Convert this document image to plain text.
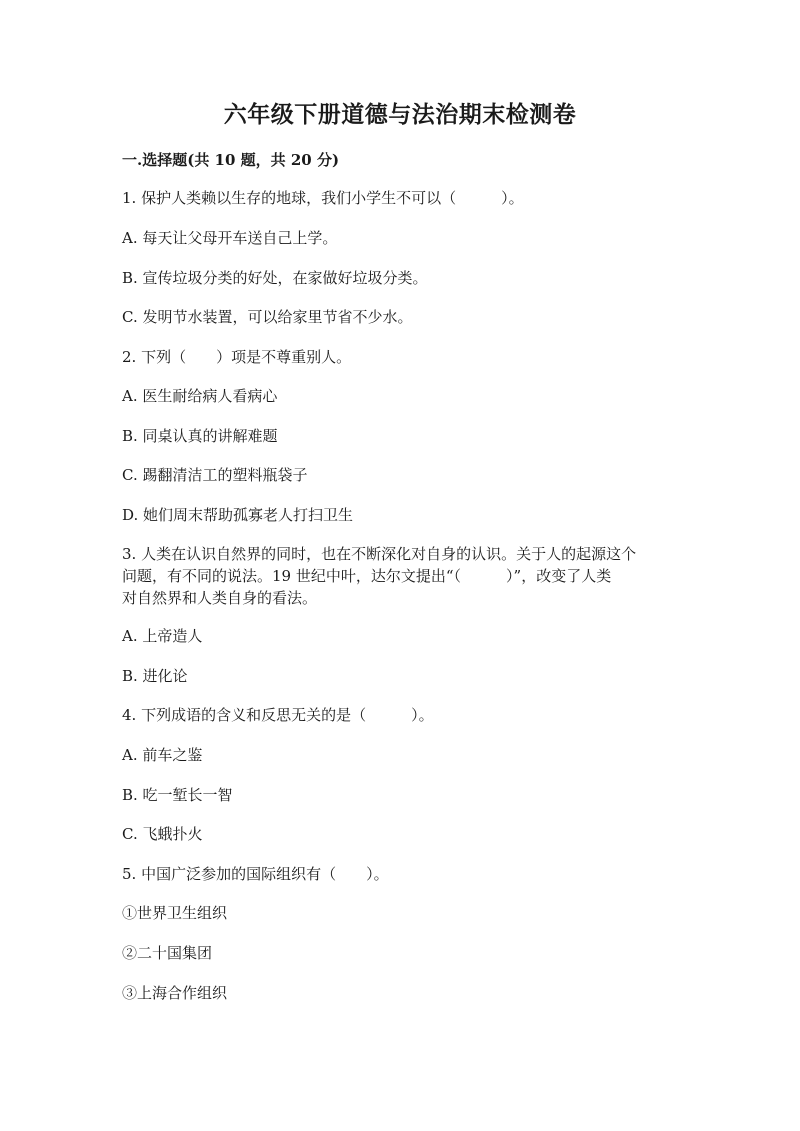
六年级下册道德与法治期末检测卷
一.选择题(共 10 题，共 20 分)

1. 保护人类赖以生存的地球，我们小学生不可以（　　　）。

A. 每天让父母开车送自己上学。

B. 宣传垃圾分类的好处，在家做好垃圾分类。

C. 发明节水装置，可以给家里节省不少水。

2. 下列（　　）项是不尊重别人。

A. 医生耐给病人看病心

B. 同桌认真的讲解难题

C. 踢翻清洁工的塑料瓶袋子

D. 她们周末帮助孤寡老人打扫卫生

3. 人类在认识自然界的同时，也在不断深化对自身的认识。关于人的起源这个
问题，有不同的说法。19 世纪中叶，达尔文提出“（　　　）”，改变了人类
对自然界和人类自身的看法。

A. 上帝造人

B. 进化论

4. 下列成语的含义和反思无关的是（　　　）。

A. 前车之鉴

B. 吃一堑长一智

C. 飞蛾扑火

5. 中国广泛参加的国际组织有（　　）。

①世界卫生组织

②二十国集团

③上海合作组织
